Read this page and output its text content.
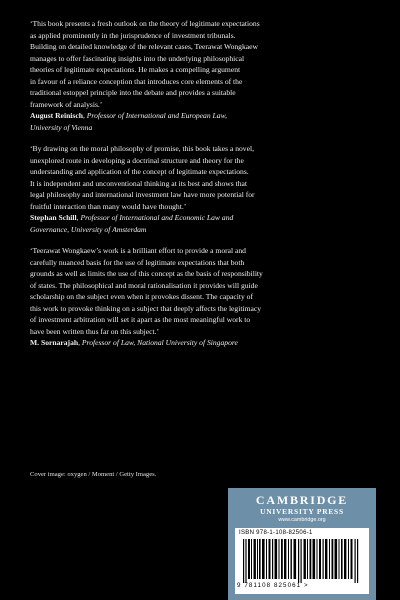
‘This book presents a fresh outlook on the theory of legitimate expectations

as applied prominently in the jurisprudence of investment tribunals.

Building on detailed knowledge of the relevant cases, Teerawat Wongkaew

manages to offer fascinating insights into the underlying philosophical

theories of legitimate expectations. He makes a compelling argument

in favour of a reliance conception that introduces core elements of the

traditional estoppel principle into the debate and provides a suitable

framework of analysis.’

August Reinisch, Professor of International and European Law,

University of Vienna

‘By drawing on the moral philosophy of promise, this book takes a novel,

unexplored route in developing a doctrinal structure and theory for the

understanding and application of the concept of legitimate expectations.

It is independent and unconventional thinking at its best and shows that

legal philosophy and international investment law have more potential for

fruitful interaction than many would have thought.’

Stephan Schill, Professor of International and Economic Law and

Governance, University of Amsterdam

‘Teerawat Wongkaew’s work is a brilliant effort to provide a moral and

carefully nuanced basis for the use of legitimate expectations that both

grounds as well as limits the use of this concept as the basis of responsibility

of states. The philosophical and moral rationalisation it provides will guide

scholarship on the subject even when it provokes dissent. The capacity of

this work to provoke thinking on a subject that deeply affects the legitimacy

of investment arbitration will set it apart as the most meaningful work to

have been written thus far on this subject.’

M. Sornarajah, Professor of Law, National University of Singapore

Cover image: oxygen / Moment / Getty Images.
CAMBRIDGE
UNIVERSITY PRESS
www.cambridge.org
ISBN 978-1-108-82506-1
9 781108 825061 >
